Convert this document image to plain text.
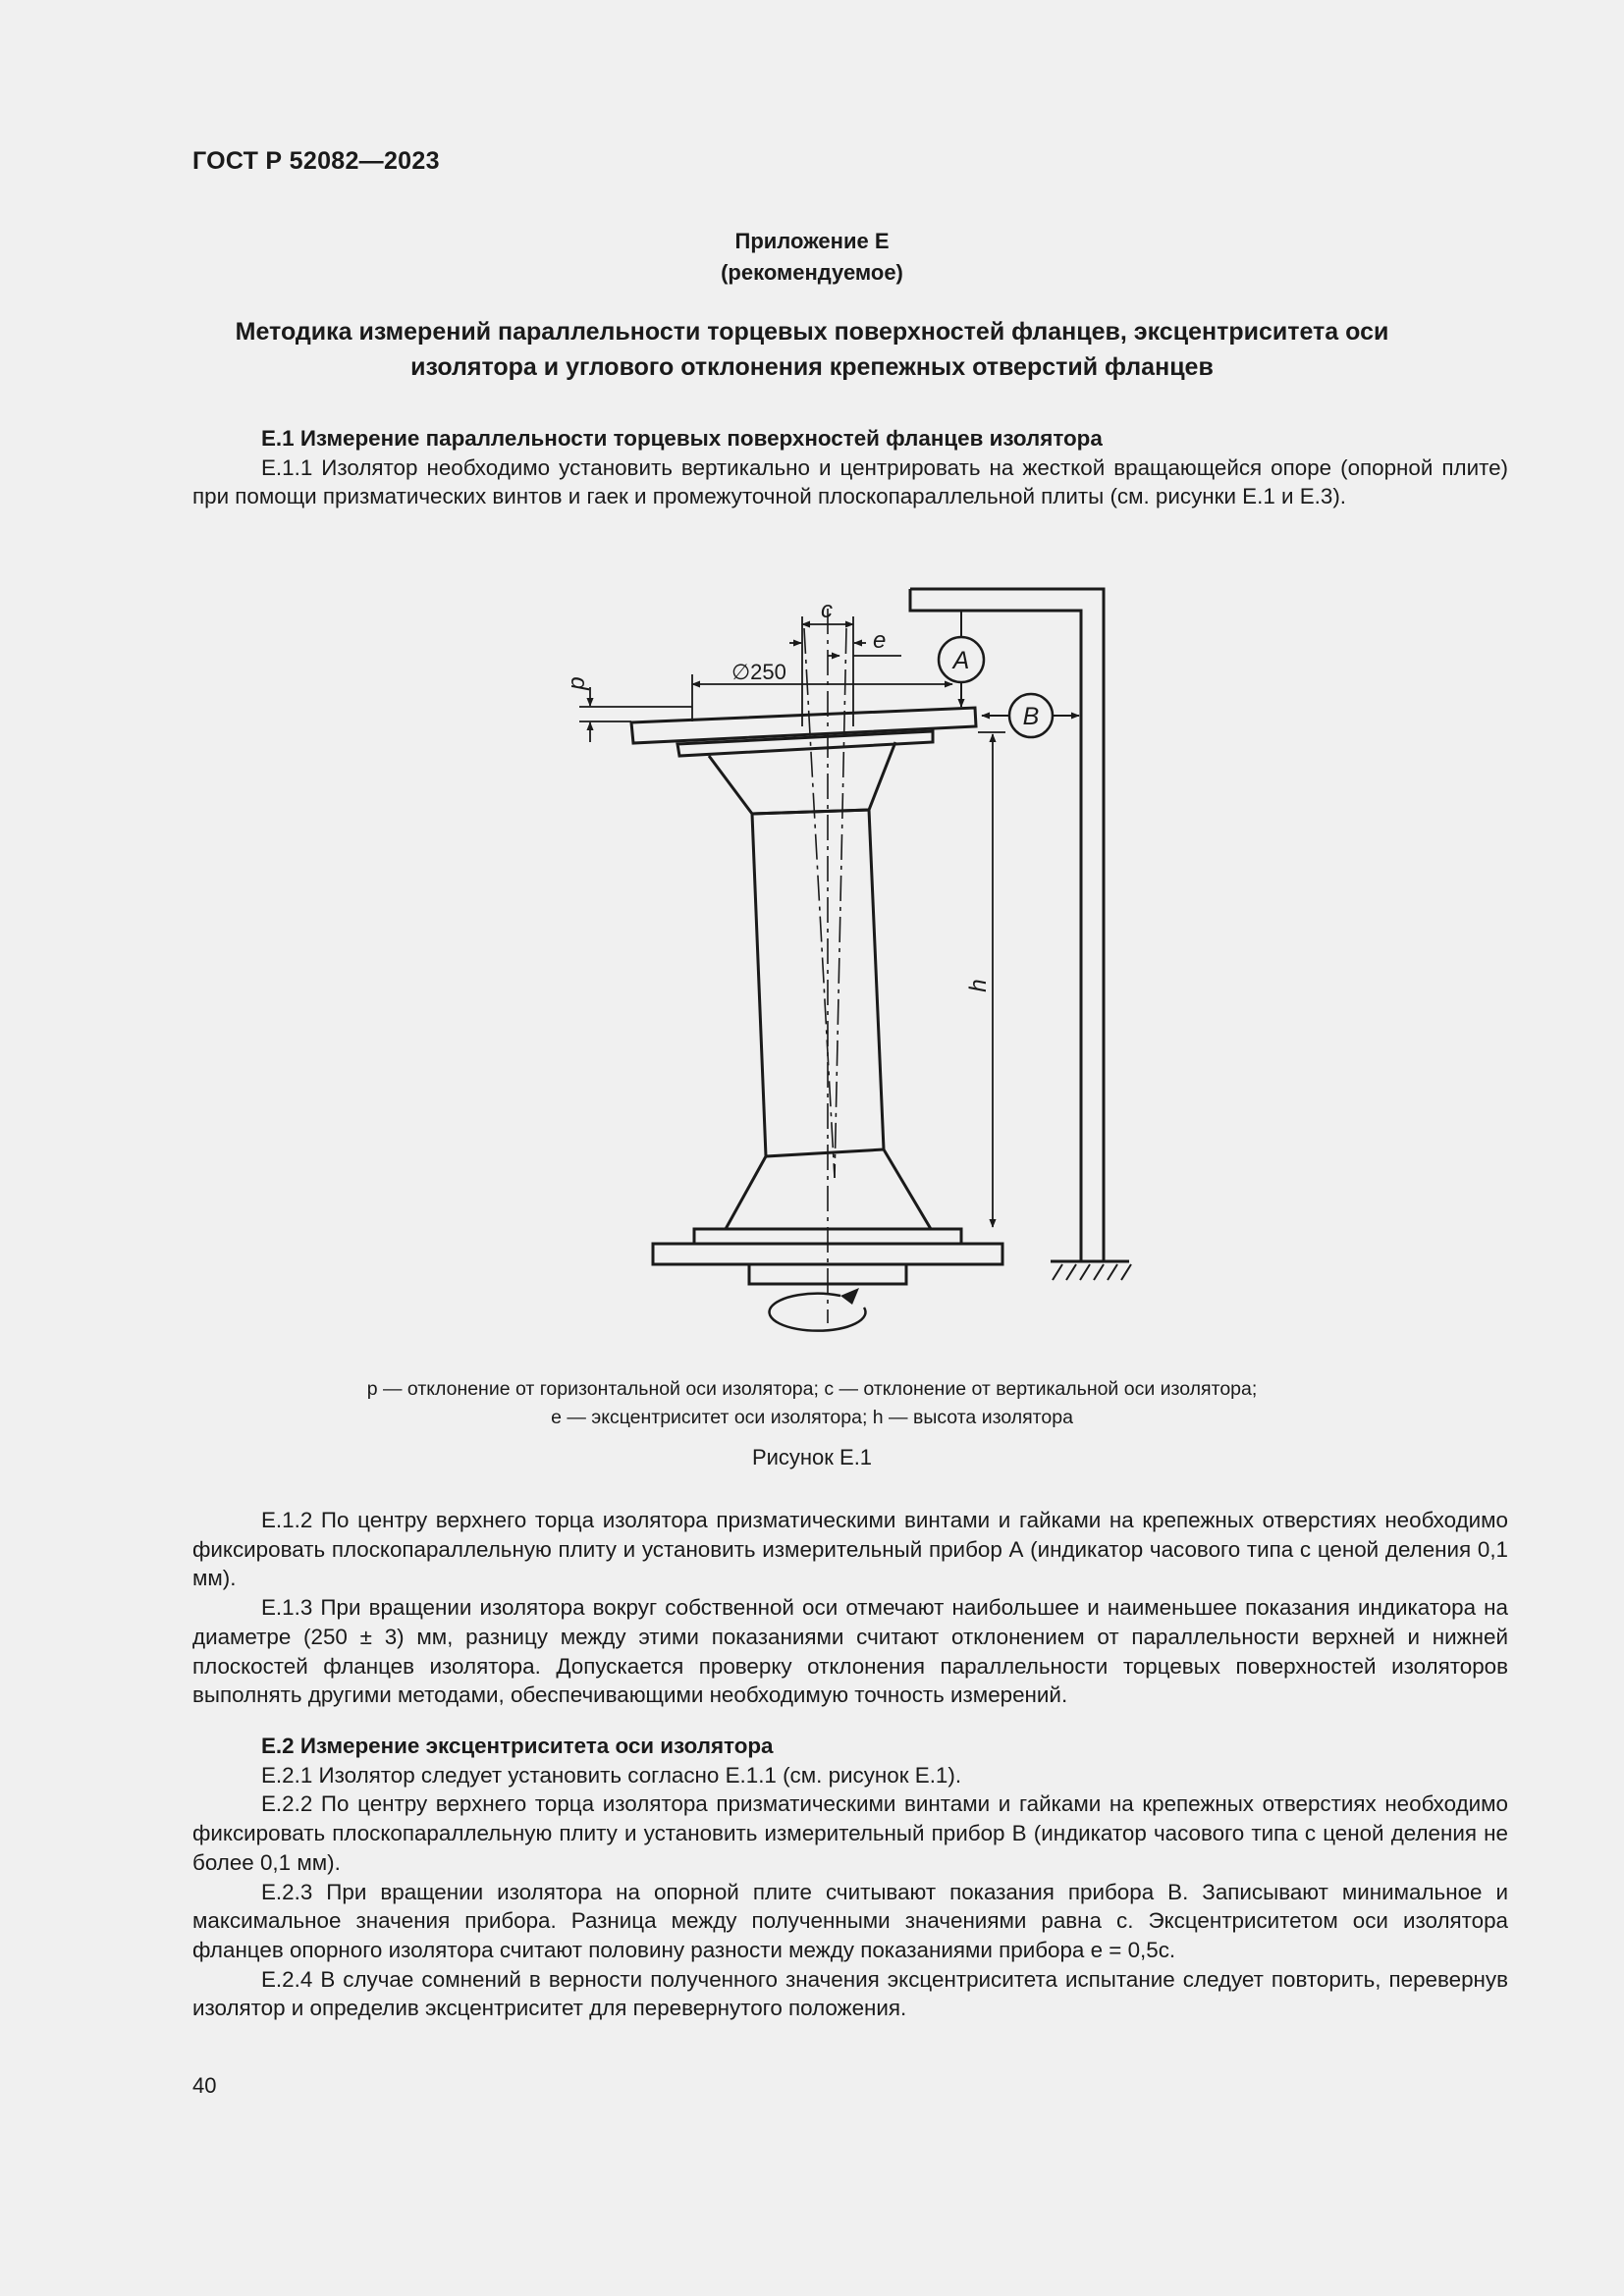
ГОСТ Р 52082—2023
Приложение Е
(рекомендуемое)
Методика измерений параллельности торцевых поверхностей фланцев, эксцентриситета оси
изолятора и углового отклонения крепежных отверстий фланцев
Е.1 Измерение параллельности торцевых поверхностей фланцев изолятора

Е.1.1 Изолятор необходимо установить вертикально и центрировать на жесткой вращающейся опоре (опорной плите) при помощи призматических винтов и гаек и промежуточной плоскопараллельной плиты (см. рисунки Е.1 и Е.3).

c
e
∅250
p
h
A
B
p — отклонение от горизонтальной оси изолятора; c — отклонение от вертикальной оси изолятора;
e — эксцентриситет оси изолятора; h — высота изолятора
Рисунок Е.1

Е.1.2 По центру верхнего торца изолятора призматическими винтами и гайками на крепежных отверстиях необходимо фиксировать плоскопараллельную плиту и установить измерительный прибор А (индикатор часового типа с ценой деления 0,1 мм).

Е.1.3 При вращении изолятора вокруг собственной оси отмечают наибольшее и наименьшее показания индикатора на диаметре (250 ± 3) мм, разницу между этими показаниями считают отклонением от параллельности верхней и нижней плоскостей фланцев изолятора. Допускается проверку отклонения параллельности торцевых поверхностей изоляторов выполнять другими методами, обеспечивающими необходимую точность измерений.

Е.2 Измерение эксцентриситета оси изолятора

Е.2.1 Изолятор следует установить согласно Е.1.1 (см. рисунок Е.1).

Е.2.2 По центру верхнего торца изолятора призматическими винтами и гайками на крепежных отверстиях необходимо фиксировать плоскопараллельную плиту и установить измерительный прибор В (индикатор часового типа с ценой деления не более 0,1 мм).

Е.2.3 При вращении изолятора на опорной плите считывают показания прибора В. Записывают минимальное и максимальное значения прибора. Разница между полученными значениями равна c. Эксцентриситетом оси изолятора фланцев опорного изолятора считают половину разности между показаниями прибора e = 0,5c.

Е.2.4 В случае сомнений в верности полученного значения эксцентриситета испытание следует повторить, перевернув изолятор и определив эксцентриситет для перевернутого положения.

40
